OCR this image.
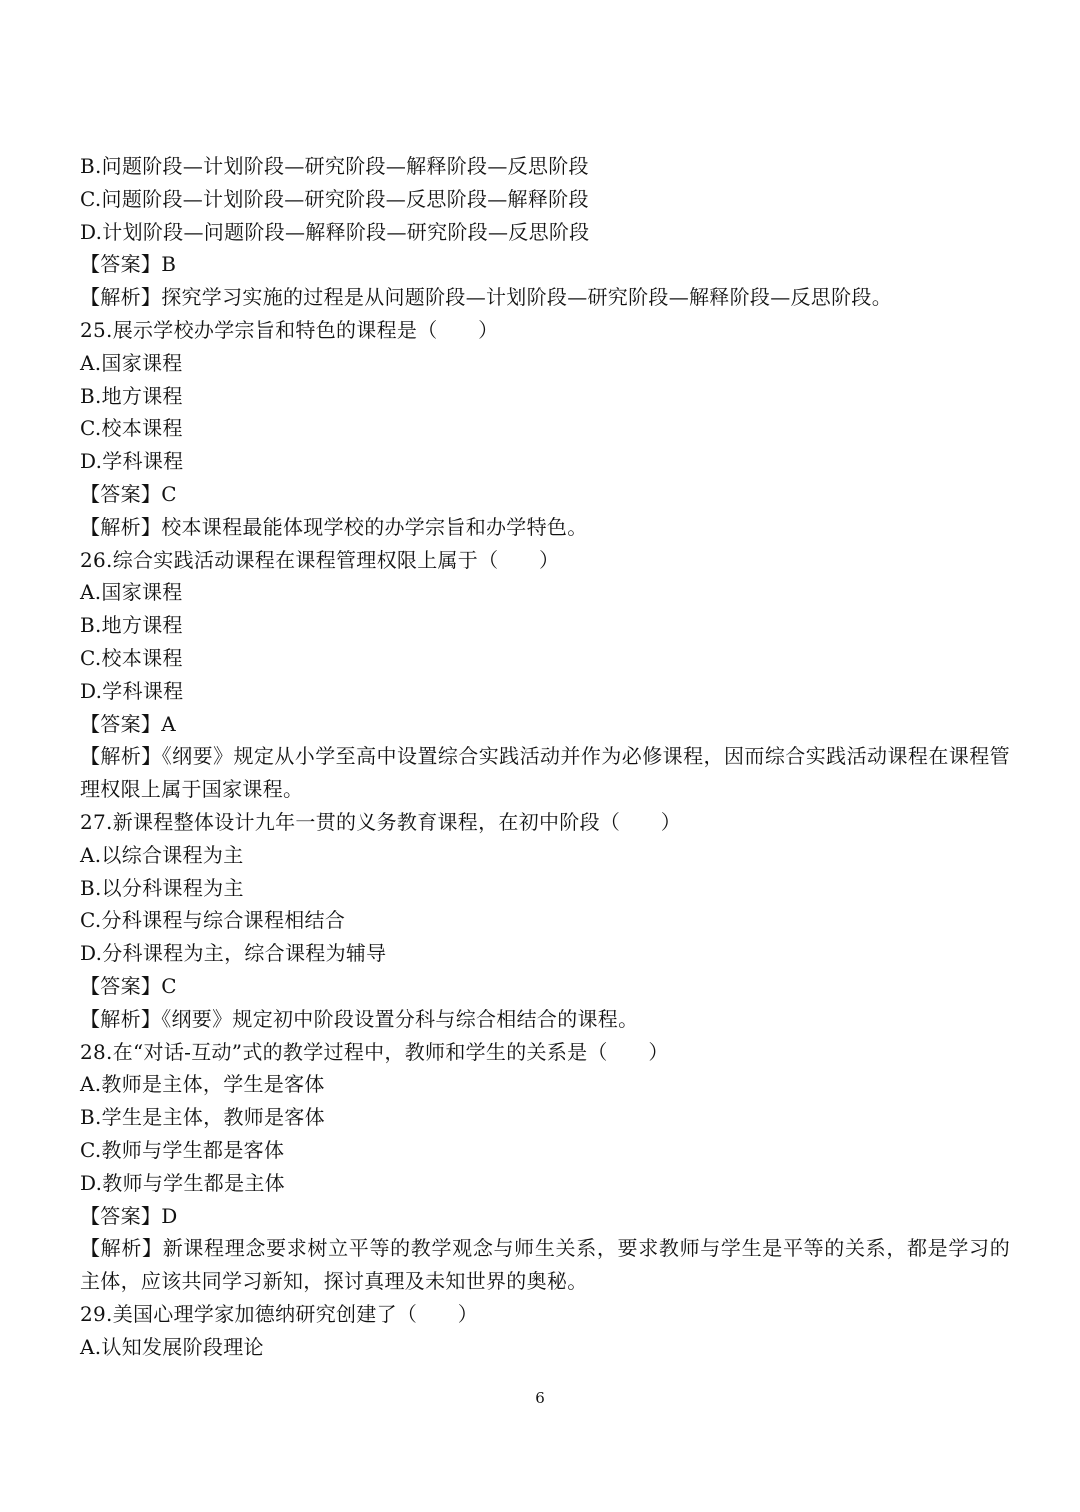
B.问题阶段—计划阶段—研究阶段—解释阶段—反思阶段
C.问题阶段—计划阶段—研究阶段—反思阶段—解释阶段
D.计划阶段—问题阶段—解释阶段—研究阶段—反思阶段
【答案】B
【解析】探究学习实施的过程是从问题阶段—计划阶段—研究阶段—解释阶段—反思阶段。
25.展示学校办学宗旨和特色的课程是（　　）
A.国家课程
B.地方课程
C.校本课程
D.学科课程
【答案】C
【解析】校本课程最能体现学校的办学宗旨和办学特色。
26.综合实践活动课程在课程管理权限上属于（　　）
A.国家课程
B.地方课程
C.校本课程
D.学科课程
【答案】A
【解析】《纲要》规定从小学至高中设置综合实践活动并作为必修课程，因而综合实践活动课程在课程管理权限上属于国家课程。
27.新课程整体设计九年一贯的义务教育课程，在初中阶段（　　）
A.以综合课程为主
B.以分科课程为主
C.分科课程与综合课程相结合
D.分科课程为主，综合课程为辅导
【答案】C
【解析】《纲要》规定初中阶段设置分科与综合相结合的课程。
28.在“对话-互动”式的教学过程中，教师和学生的关系是（　　）
A.教师是主体，学生是客体
B.学生是主体，教师是客体
C.教师与学生都是客体
D.教师与学生都是主体
【答案】D
【解析】新课程理念要求树立平等的教学观念与师生关系，要求教师与学生是平等的关系，都是学习的主体，应该共同学习新知，探讨真理及未知世界的奥秘。
29.美国心理学家加德纳研究创建了（　　）
A.认知发展阶段理论
6
